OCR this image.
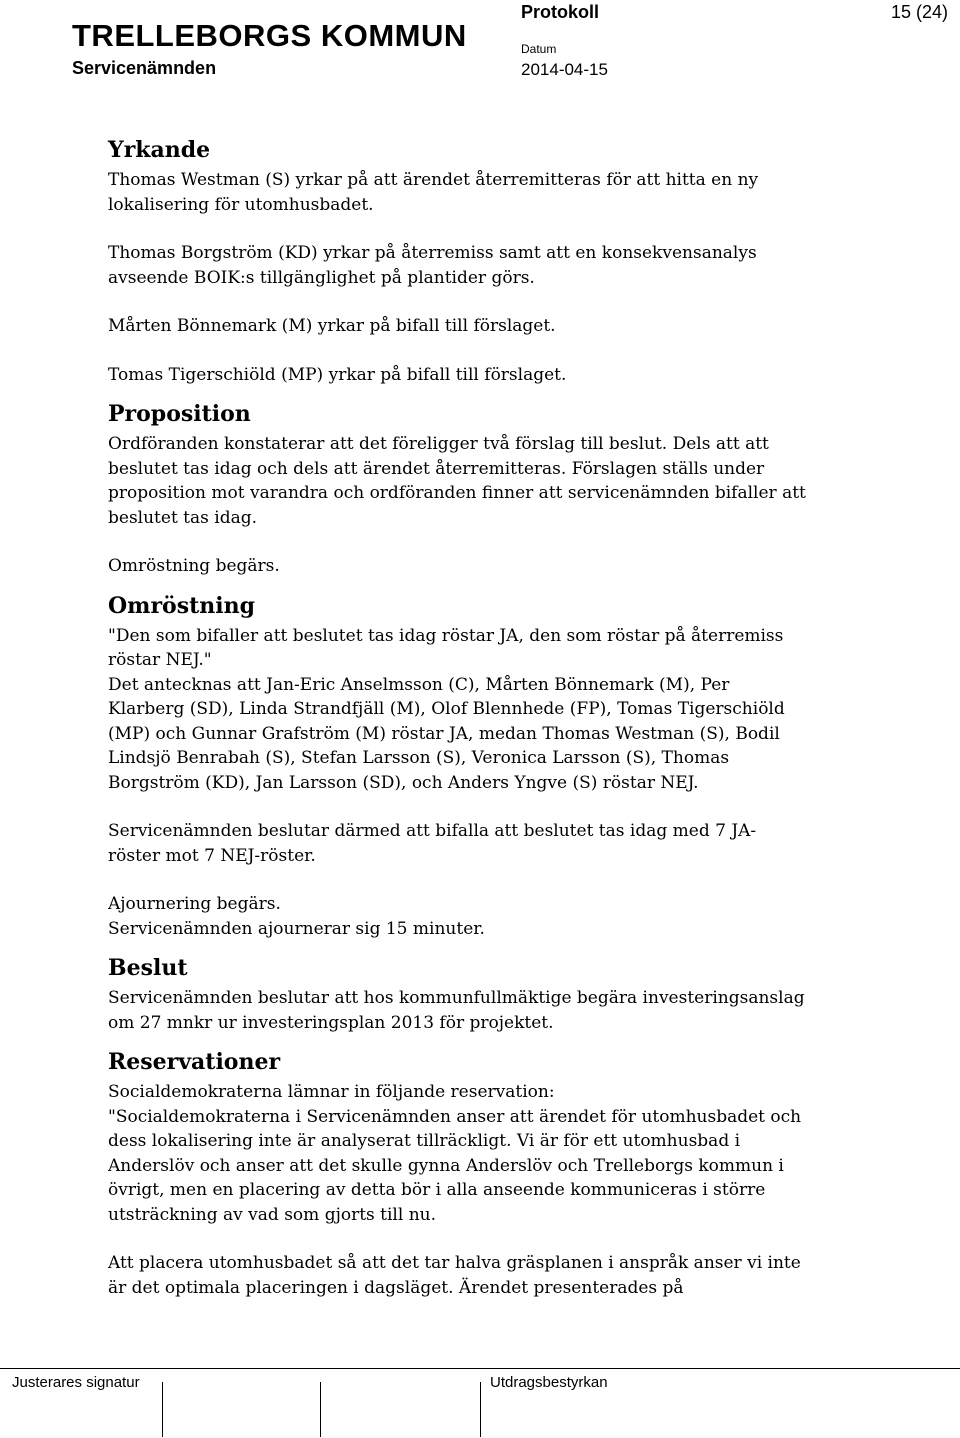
TRELLEBORGS KOMMUN
Servicenämnden
Protokoll	15 (24)
Datum
2014-04-15
Yrkande

Thomas Westman (S) yrkar på att ärendet återremitteras för att hitta en ny lokalisering för utomhusbadet.

Thomas Borgström (KD) yrkar på återremiss samt att en konsekvensanalys avseende BOIK:s tillgänglighet på plantider görs.

Mårten Bönnemark (M) yrkar på bifall till förslaget.

Tomas Tigerschiöld (MP) yrkar på bifall till förslaget.

Proposition

Ordföranden konstaterar att det föreligger två förslag till beslut. Dels att att beslutet tas idag och dels att ärendet återremitteras. Förslagen ställs under proposition mot varandra och ordföranden finner att servicenämnden bifaller att beslutet tas idag.

Omröstning begärs.

Omröstning

"Den som bifaller att beslutet tas idag röstar JA, den som röstar på återremiss röstar NEJ."

Det antecknas att Jan-Eric Anselmsson (C), Mårten Bönnemark (M), Per Klarberg (SD), Linda Strandfjäll (M), Olof Blennhede (FP), Tomas Tigerschiöld (MP) och Gunnar Grafström (M) röstar JA, medan Thomas Westman (S), Bodil Lindsjö Benrabah (S), Stefan Larsson (S), Veronica Larsson (S), Thomas Borgström (KD), Jan Larsson (SD), och Anders Yngve (S) röstar NEJ.

Servicenämnden beslutar därmed att bifalla att beslutet tas idag med 7 JA-röster mot 7 NEJ-röster.

Ajournering begärs.

Servicenämnden ajournerar sig 15 minuter.

Beslut

Servicenämnden beslutar att hos kommunfullmäktige begära investeringsanslag om 27 mnkr ur investeringsplan 2013 för projektet.

Reservationer

Socialdemokraterna lämnar in följande reservation:

"Socialdemokraterna i Servicenämnden anser att ärendet för utomhusbadet och dess lokalisering inte är analyserat tillräckligt. Vi är för ett utomhusbad i Anderslöv och anser att det skulle gynna Anderslöv och Trelleborgs kommun i övrigt, men en placering av detta bör i alla anseende kommuniceras i större utsträckning av vad som gjorts till nu.

Att placera utomhusbadet så att det tar halva gräsplanen i anspråk anser vi inte är det optimala placeringen i dagsläget. Ärendet presenterades på

Justerares signatur	Utdragsbestyrkan
